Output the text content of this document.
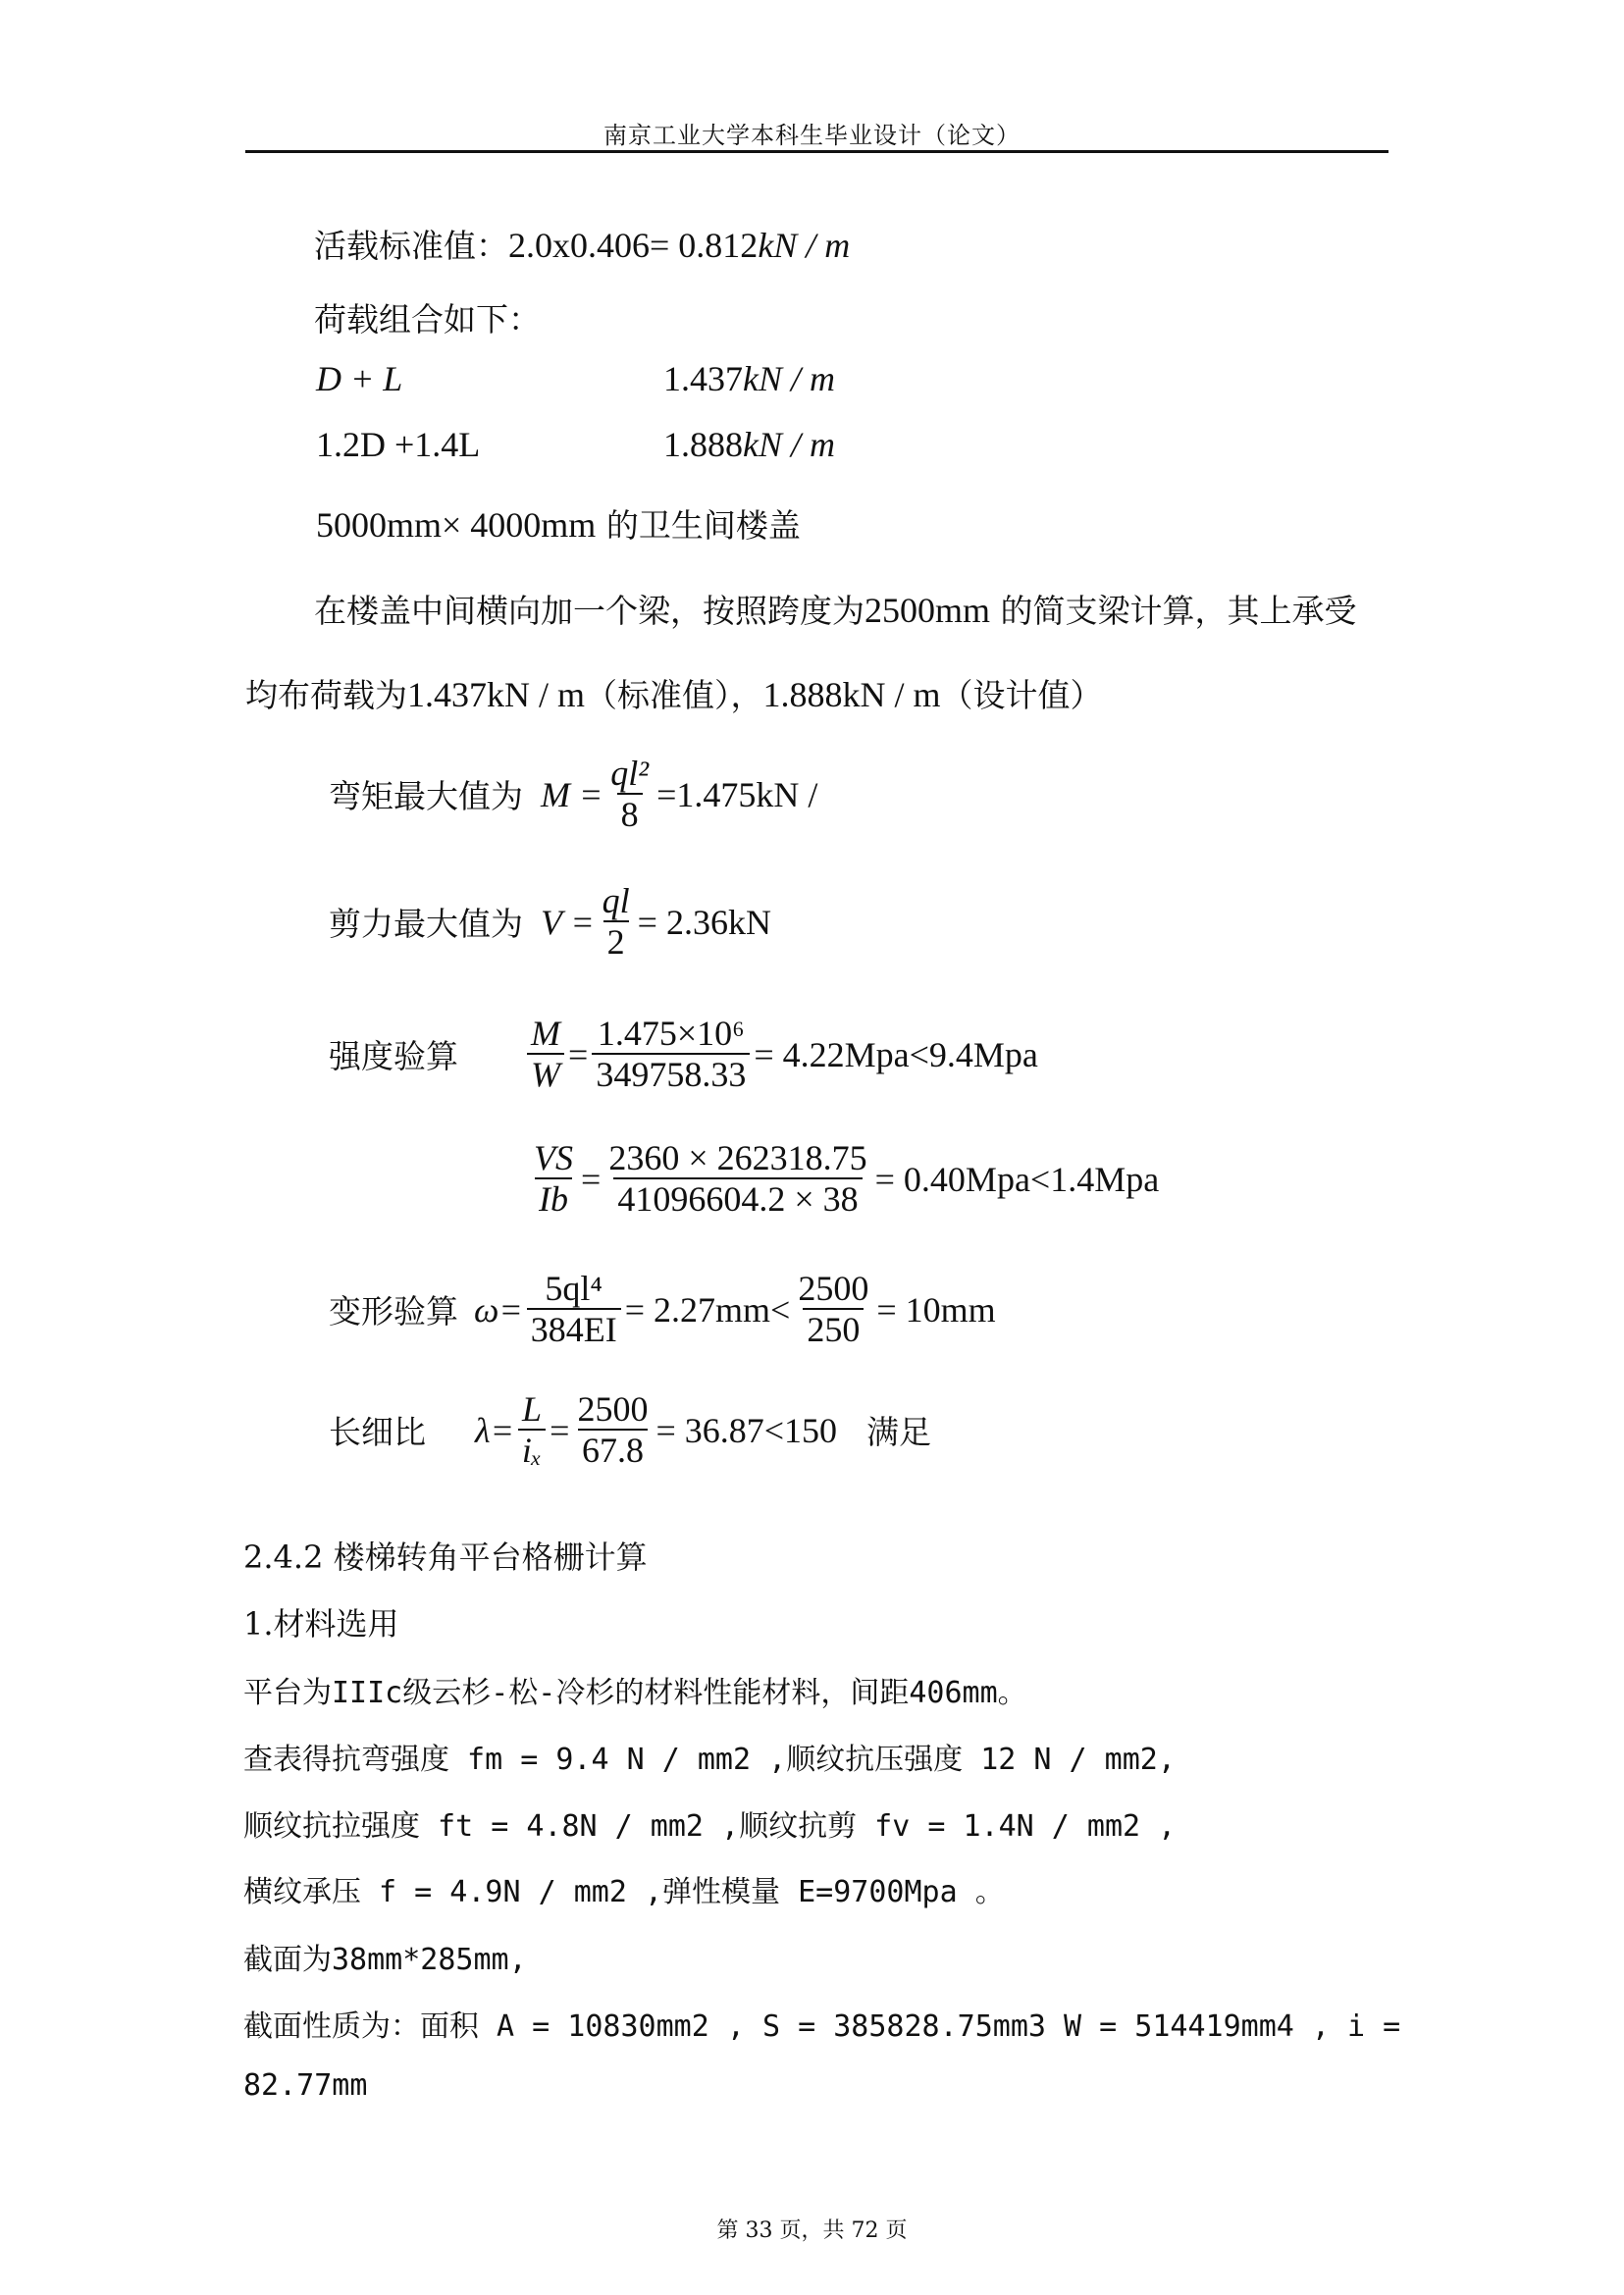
南京工业大学本科生毕业设计（论文）
活载标准值：2.0x0.406= 0.812kN / m
荷载组合如下：
D + L	1.437kN / m
1.2D +1.4L	1.888kN / m
5000mm× 4000mm 的卫生间楼盖
在楼盖中间横向加一个梁，按照跨度为2500mm 的简支梁计算，其上承受
均布荷载为1.437kN / m（标准值），1.888kN / m（设计值）
弯矩最大值为 $M = \frac{\text{ql²}}{8} =1.475kN$ /
剪力最大值为 $V = \frac{ql}{2} = 2.36kN$
强度验算 $\frac{M}{W} = \frac{\text{1.475×10⁶}}{349758.33} = 4.22Mpa<9.4Mpa$
$\frac{VS}{Ib} = \frac{2360 \times 262318.75}{41096604.2 \times 38} = 0.40Mpa<1.4Mpa$
变形验算 $\omega= \frac{\text{5ql⁴}}{384EI} = 2.27mm< \frac{2500}{250} = 10mm$
长细比 $\lambda= \frac{L}{\text{iₓ}} = \frac{2500}{67.8} = 36.87<150$ 满足
2.4.2 楼梯转角平台格栅计算
1.材料选用
平台为IIIc级云杉-松-冷杉的材料性能材料，间距406mm。
查表得抗弯强度 fm = 9.4 N / mm2 ,顺纹抗压强度 12 N / mm2,
顺纹抗拉强度 ft = 4.8N / mm2 ,顺纹抗剪 fv = 1.4N / mm2 ,
横纹承压 f = 4.9N / mm2 ,弹性模量 E=9700Mpa 。
截面为38mm*285mm,
截面性质为：面积 A = 10830mm2 , S = 385828.75mm3 W = 514419mm4 , i =
82.77mm
第 33 页，共 72 页
